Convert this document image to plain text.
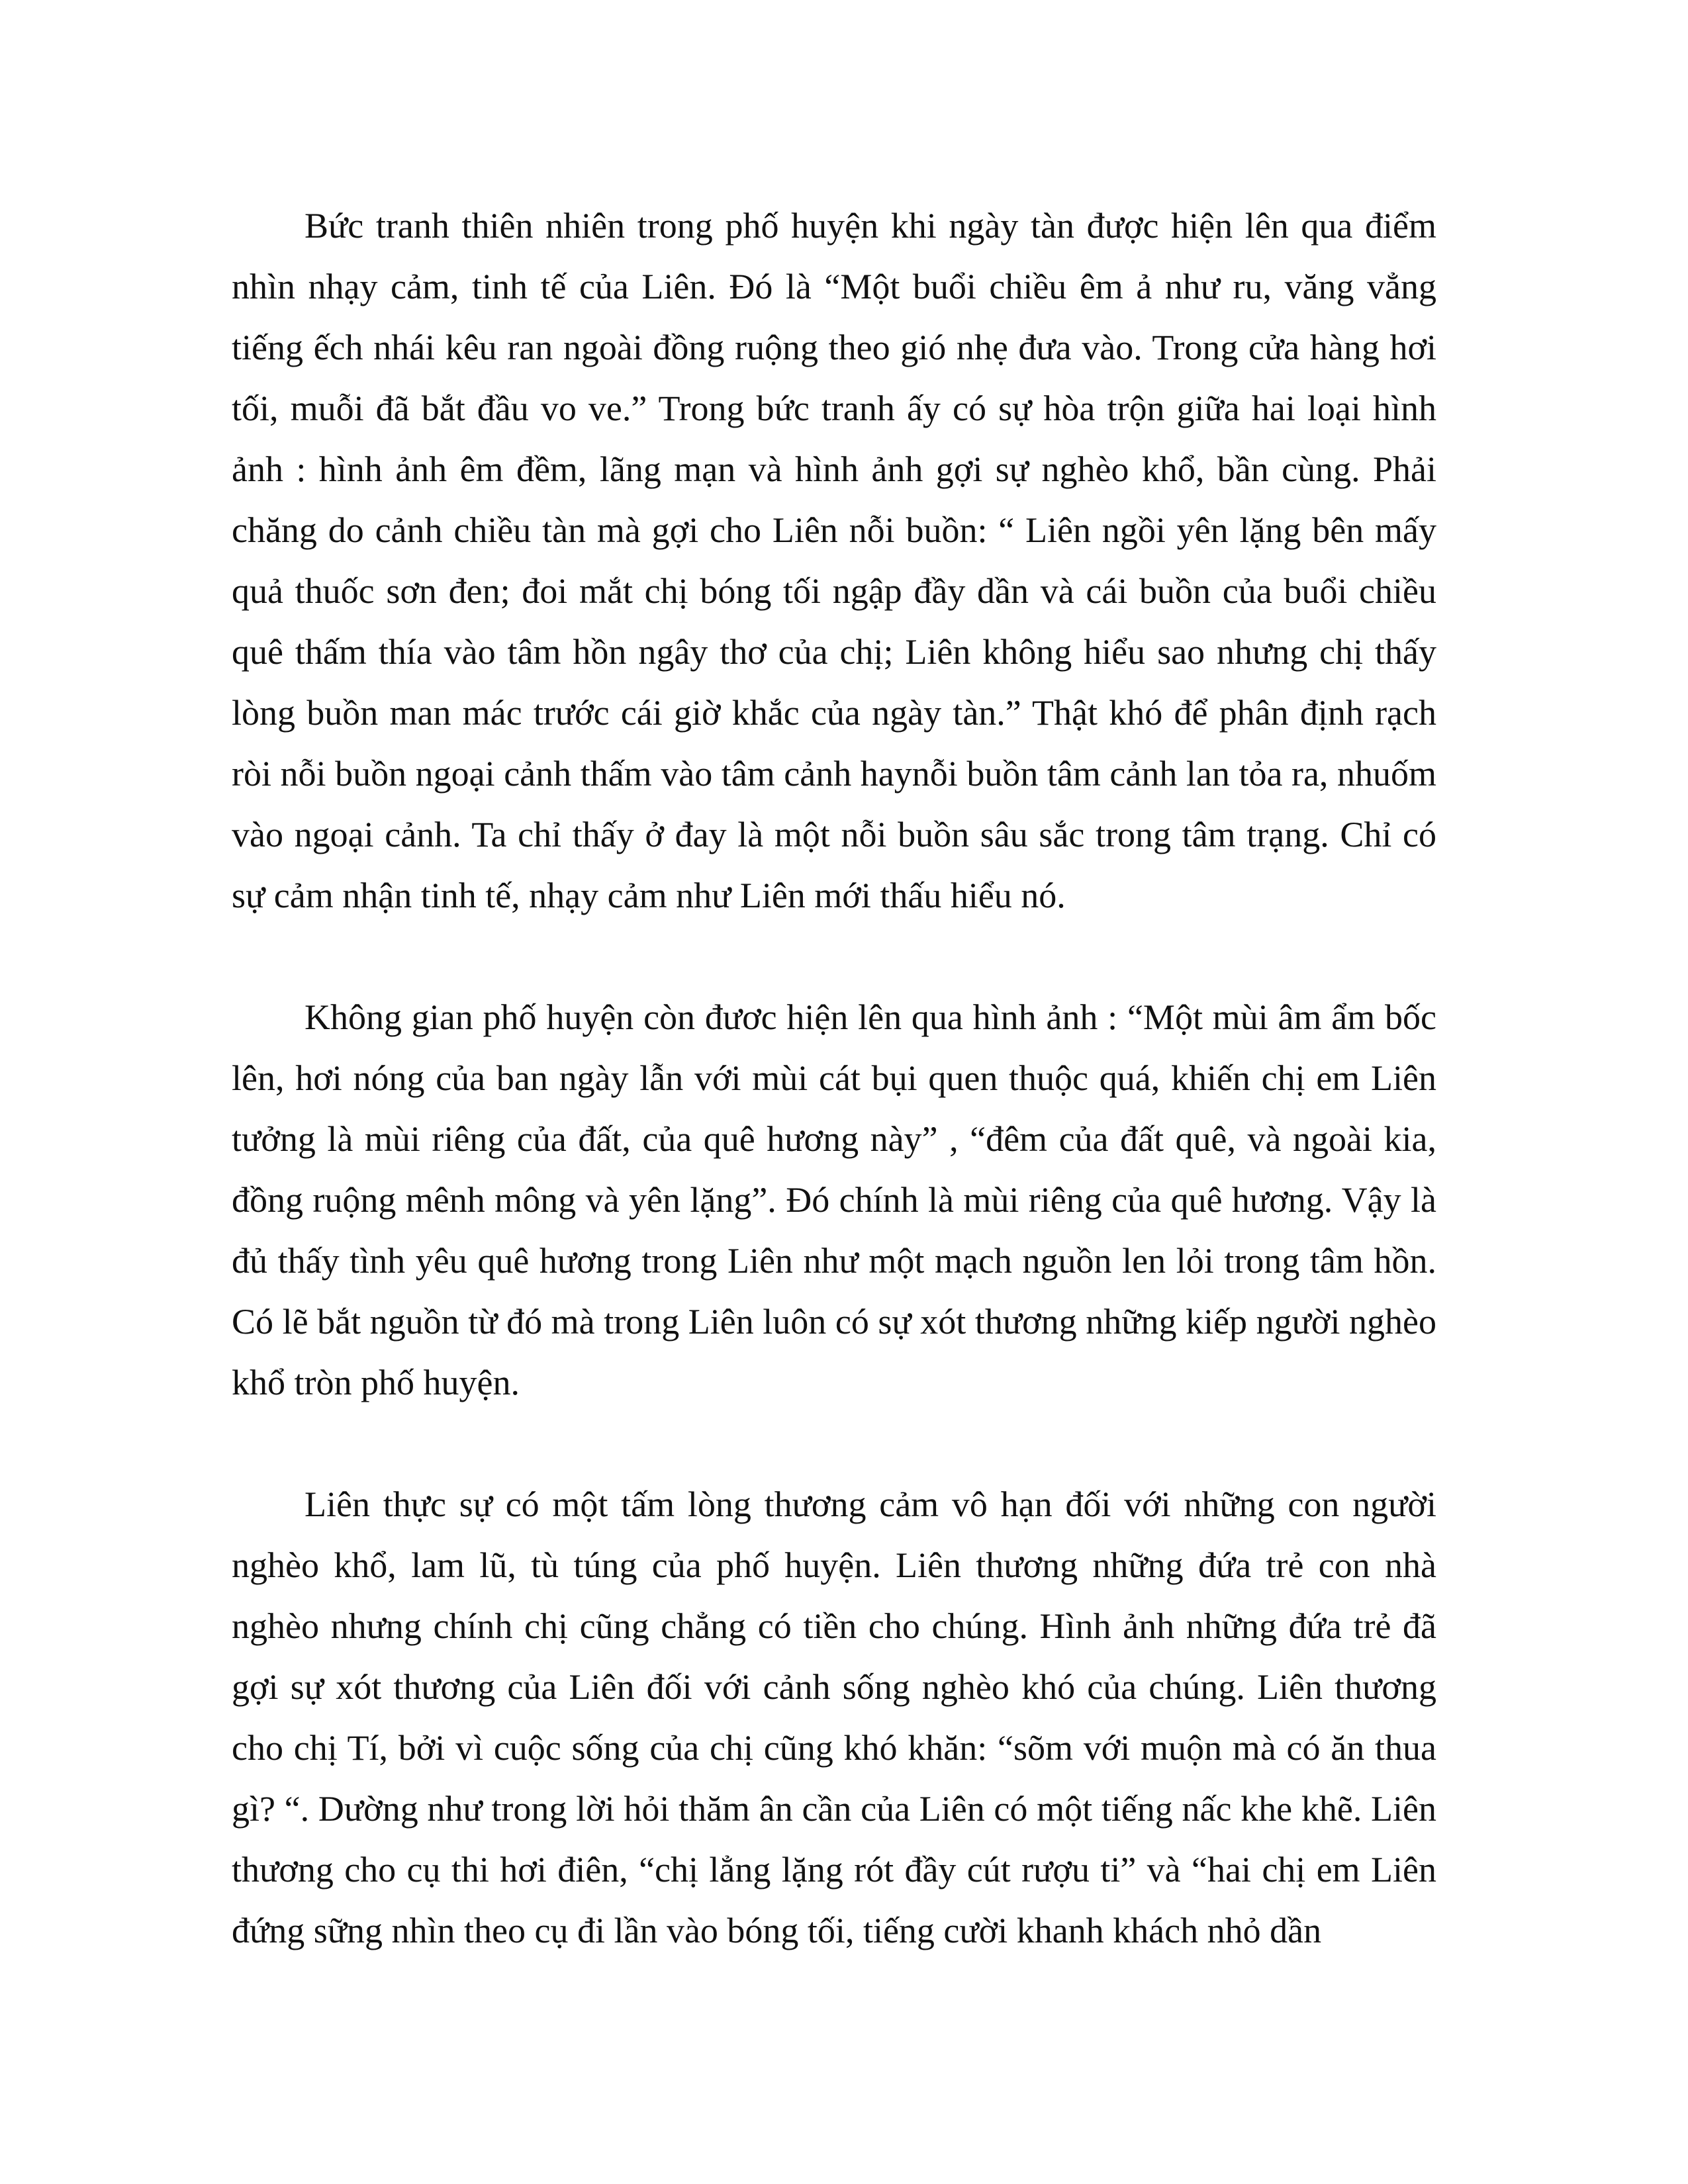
Bức tranh thiên nhiên trong phố huyện khi ngày tàn được hiện lên qua điểm nhìn nhạy cảm, tinh tế của Liên. Đó là “Một buổi chiều êm ả như ru, văng vẳng tiếng ếch nhái kêu ran ngoài đồng ruộng theo gió nhẹ đưa vào. Trong cửa hàng hơi tối, muỗi đã bắt đầu vo ve.” Trong bức tranh ấy có sự hòa trộn giữa hai loại hình ảnh : hình ảnh êm đềm, lãng mạn và hình ảnh gợi sự nghèo khổ, bần cùng. Phải chăng do cảnh chiều tàn mà gợi cho Liên nỗi buồn: “ Liên ngồi yên lặng bên mấy quả thuốc sơn đen; đoi mắt chị bóng tối ngập đầy dần và cái buồn của buổi chiều quê thấm thía vào tâm hồn ngây thơ của chị; Liên không hiểu sao nhưng chị thấy lòng buồn man mác trước cái giờ khắc của ngày tàn.” Thật khó để phân định rạch ròi nỗi buồn ngoại cảnh thấm vào tâm cảnh haynỗi buồn tâm cảnh lan tỏa ra, nhuốm vào ngoại cảnh. Ta chỉ thấy ở đay là một nỗi buồn sâu sắc trong tâm trạng. Chỉ có sự cảm nhận tinh tế, nhạy cảm như Liên mới thấu hiểu nó.

Không gian phố huyện còn đươc hiện lên qua hình ảnh : “Một mùi âm ẩm bốc lên, hơi nóng của ban ngày lẫn với mùi cát bụi quen thuộc quá, khiến chị em Liên tưởng là mùi riêng của đất, của quê hương này” , “đêm của đất quê, và ngoài kia, đồng ruộng mênh mông và yên lặng”. Đó chính là mùi riêng của quê hương. Vậy là đủ thấy tình yêu quê hương trong Liên như một mạch nguồn len lỏi trong tâm hồn. Có lẽ bắt nguồn từ đó mà trong Liên luôn có sự xót thương những kiếp người nghèo khổ tròn phố huyện.

Liên thực sự có một tấm lòng thương cảm vô hạn đối với những con người nghèo khổ, lam lũ, tù túng của phố huyện. Liên thương những đứa trẻ con nhà nghèo nhưng chính chị cũng chẳng có tiền cho chúng. Hình ảnh những đứa trẻ đã gợi sự xót thương của Liên đối với cảnh sống nghèo khó của chúng. Liên thương cho chị Tí, bởi vì cuộc sống của chị cũng khó khăn: “sõm với muộn mà có ăn thua gì? “. Dường như trong lời hỏi thăm ân cần của Liên có một tiếng nấc khe khẽ. Liên thương cho cụ thi hơi điên, “chị lẳng lặng rót đầy cút rượu ti” và “hai chị em Liên đứng sững nhìn theo cụ đi lần vào bóng tối, tiếng cười khanh khách nhỏ dần
